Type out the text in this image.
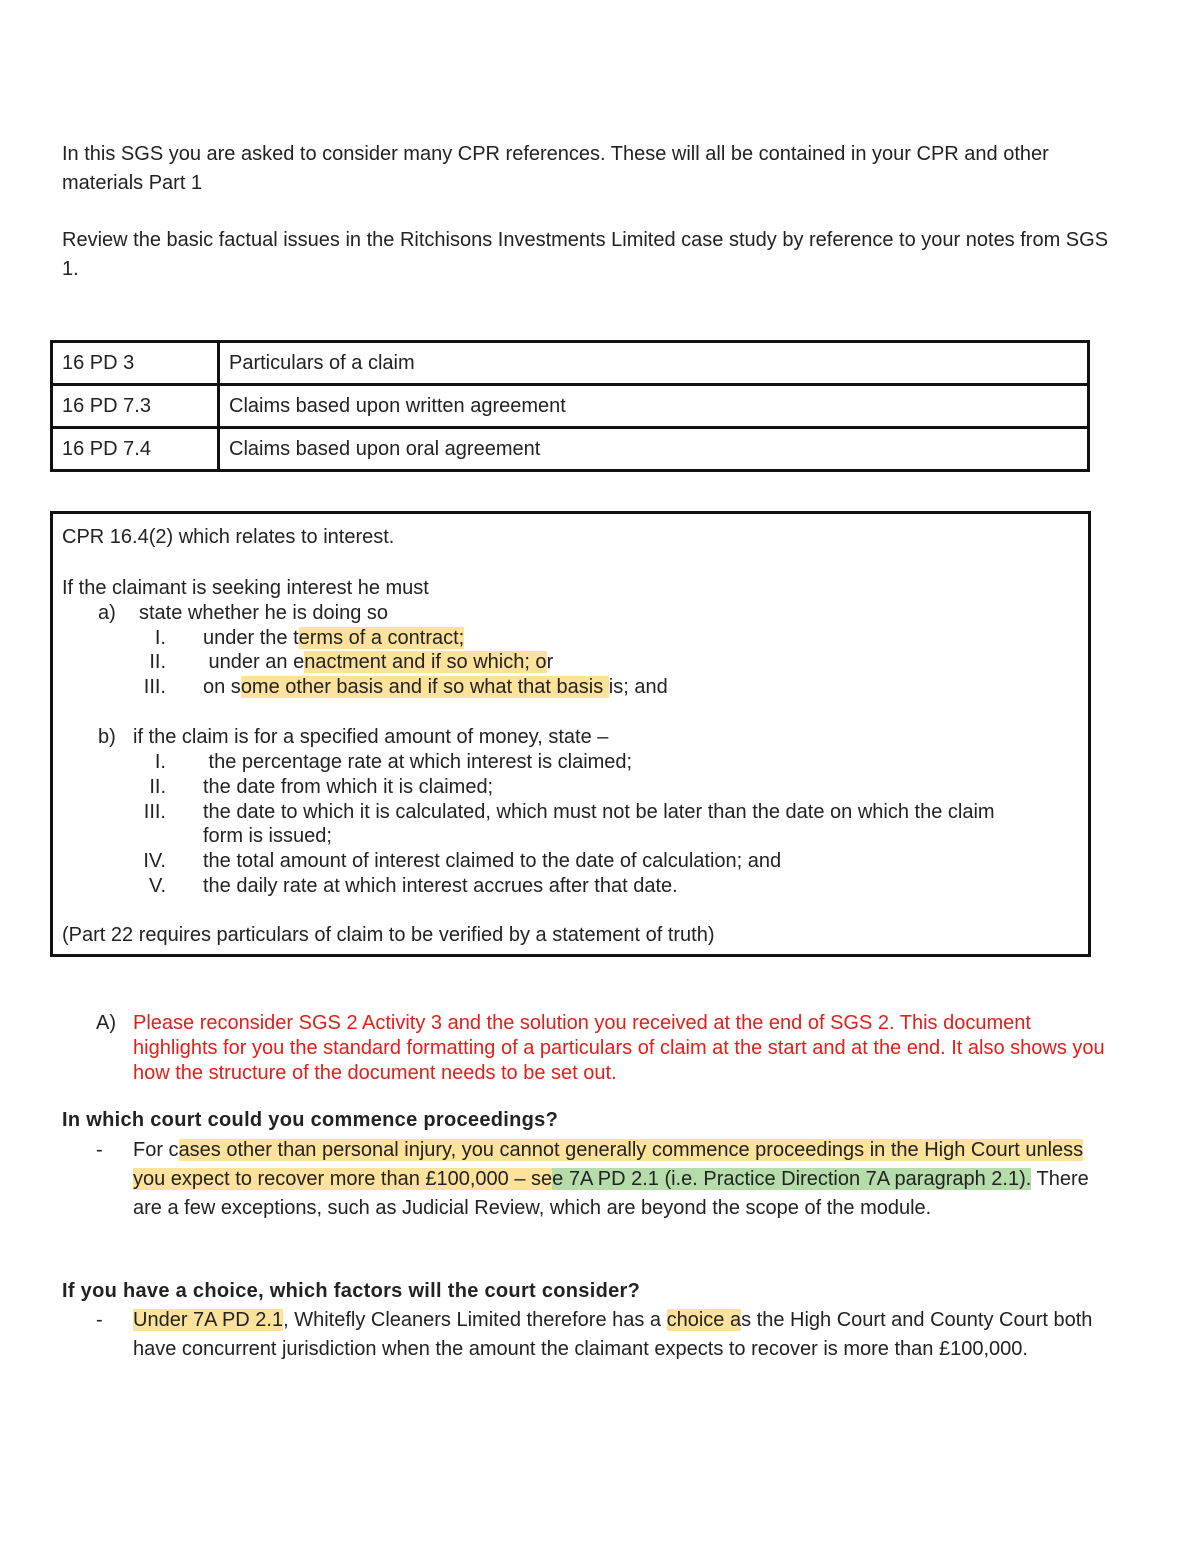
In this SGS you are asked to consider many CPR references. These will all be contained in your CPR and other materials Part 1

Review the basic factual issues in the Ritchisons Investments Limited case study by reference to your notes from SGS 1.

16 PD 3	Particulars of a claim
16 PD 7.3	Claims based upon written agreement
16 PD 7.4	Claims based upon oral agreement
CPR 16.4(2) which relates to interest.
If the claimant is seeking interest he must
a) state whether he is doing so
I. under the terms of a contract;
II. under an enactment and if so which; or
III. on some other basis and if so what that basis is; and
b) if the claim is for a specified amount of money, state –
I. the percentage rate at which interest is claimed;
II. the date from which it is claimed;
III. the date to which it is calculated, which must not be later than the date on which the claim
form is issued;
IV. the total amount of interest claimed to the date of calculation; and
V. the daily rate at which interest accrues after that date.
(Part 22 requires particulars of claim to be verified by a statement of truth)
A) Please reconsider SGS 2 Activity 3 and the solution you received at the end of SGS 2. This document highlights for you the standard formatting of a particulars of claim at the start and at the end. It also shows you how the structure of the document needs to be set out.

In which court could you commence proceedings?
- For cases other than personal injury, you cannot generally commence proceedings in the High Court unless you expect to recover more than £100,000 – see 7A PD 2.1 (i.e. Practice Direction 7A paragraph 2.1). There are a few exceptions, such as Judicial Review, which are beyond the scope of the module.
If you have a choice, which factors will the court consider?
- Under 7A PD 2.1, Whitefly Cleaners Limited therefore has a choice as the High Court and County Court both have concurrent jurisdiction when the amount the claimant expects to recover is more than £100,000.
